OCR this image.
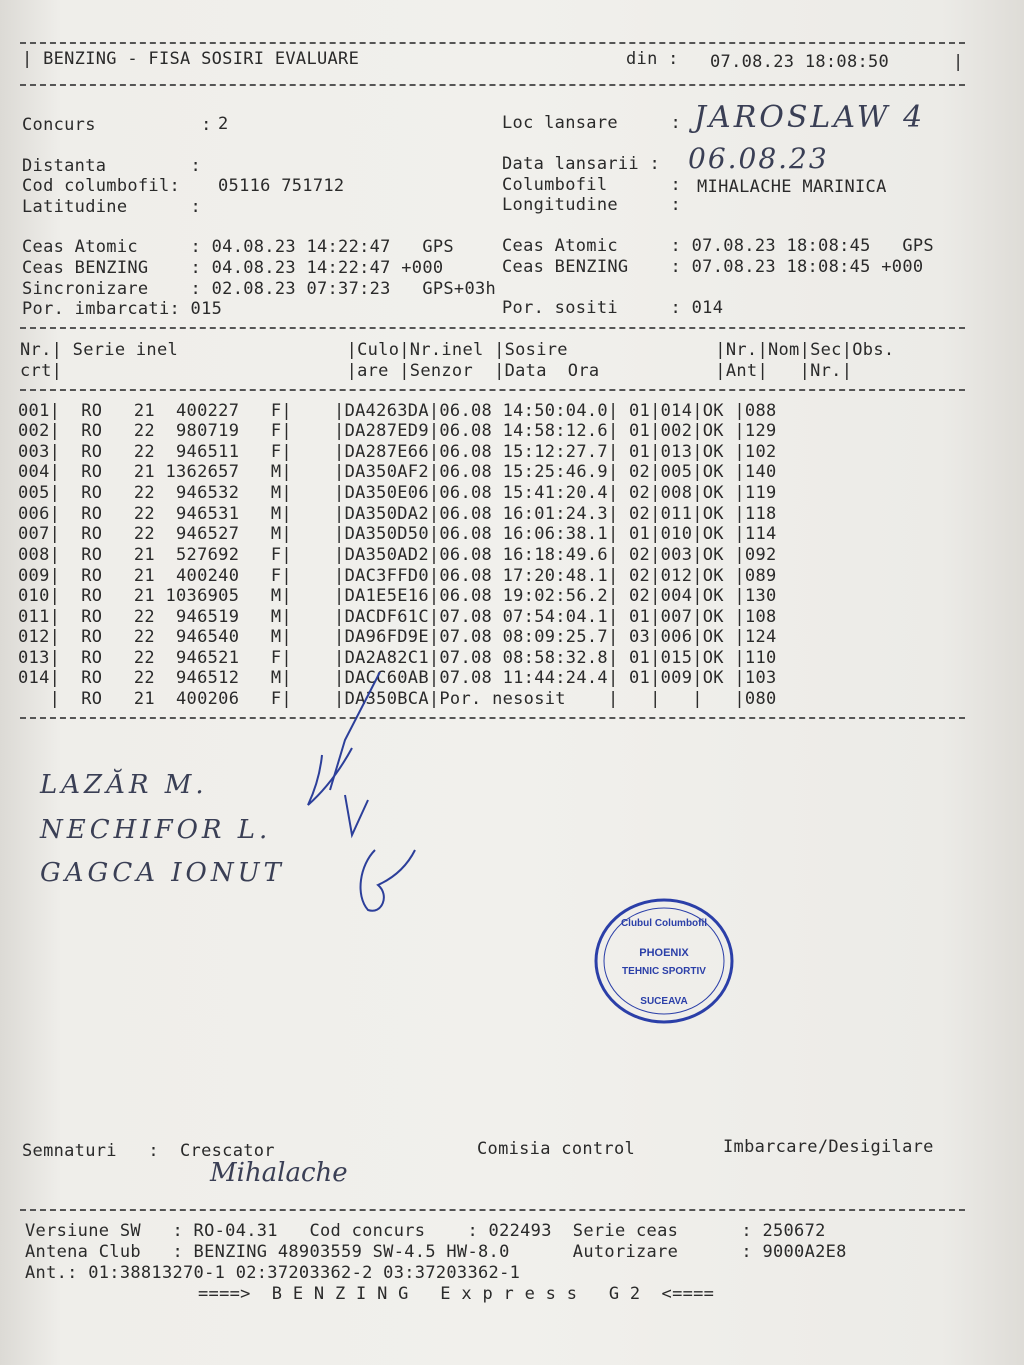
| BENZING - FISA SOSIRI EVALUARE	din : 07.08.23 18:08:50	|
Concurs          : 2	Loc lansare     : JAROSLAW 4
Distanta        :	Data lansarii : 06.08.23
Cod columbofil: 05116 751712	Columbofil      : MIHALACHE MARINICA
Latitudine      :	Longitudine     :
Ceas Atomic     : 04.08.23 14:22:47   GPS
Ceas BENZING    : 04.08.23 14:22:47 +000
Sincronizare    : 02.08.23 07:37:23   GPS+03h
Por. imbarcati: 015
Ceas Atomic     : 07.08.23 18:08:45   GPS
Ceas BENZING    : 07.08.23 18:08:45 +000
Por. sositi     : 014
Nr.| Serie inel                |Culo|Nr.inel |Sosire              |Nr.|Nom|Sec|Obs.
crt|                           |are |Senzor  |Data  Ora           |Ant|   |Nr.|
001|  RO   21  400227   F|    |DA4263DA|06.08 14:50:04.0| 01|014|OK |088
002|  RO   22  980719   F|    |DA287ED9|06.08 14:58:12.6| 01|002|OK |129
003|  RO   22  946511   F|    |DA287E66|06.08 15:12:27.7| 01|013|OK |102
004|  RO   21 1362657   M|    |DA350AF2|06.08 15:25:46.9| 02|005|OK |140
005|  RO   22  946532   M|    |DA350E06|06.08 15:41:20.4| 02|008|OK |119
006|  RO   22  946531   M|    |DA350DA2|06.08 16:01:24.3| 02|011|OK |118
007|  RO   22  946527   M|    |DA350D50|06.08 16:06:38.1| 01|010|OK |114
008|  RO   21  527692   F|    |DA350AD2|06.08 16:18:49.6| 02|003|OK |092
009|  RO   21  400240   F|    |DAC3FFD0|06.08 17:20:48.1| 02|012|OK |089
010|  RO   21 1036905   M|    |DA1E5E16|06.08 19:02:56.2| 02|004|OK |130
011|  RO   22  946519   M|    |DACDF61C|07.08 07:54:04.1| 01|007|OK |108
012|  RO   22  946540   M|    |DA96FD9E|07.08 08:09:25.7| 03|006|OK |124
013|  RO   22  946521   F|    |DA2A82C1|07.08 08:58:32.8| 01|015|OK |110
014|  RO   22  946512   M|    |DACC60AB|07.08 11:44:24.4| 01|009|OK |103
|  RO   21  400206   F|    |DA350BCA|Por. nesosit    |   |   |   |080
LAZĂR M.
NECHIFOR L.
GAGCA IONUT
Clubul Columbofil
PHOENIX
TEHNIC SPORTIV
SUCEAVA
Semnaturi   :  Crescator	Comisia control	Imbarcare/Desigilare
Mihalache
Versiune SW   : RO-04.31   Cod concurs    : 022493  Serie ceas      : 250672
Antena Club   : BENZING 48903559 SW-4.5 HW-8.0      Autorizare      : 9000A2E8
Ant.: 01:38813270-1 02:37203362-2 03:37203362-1
====>  B E N Z I N G   E x p r e s s   G 2  <====
